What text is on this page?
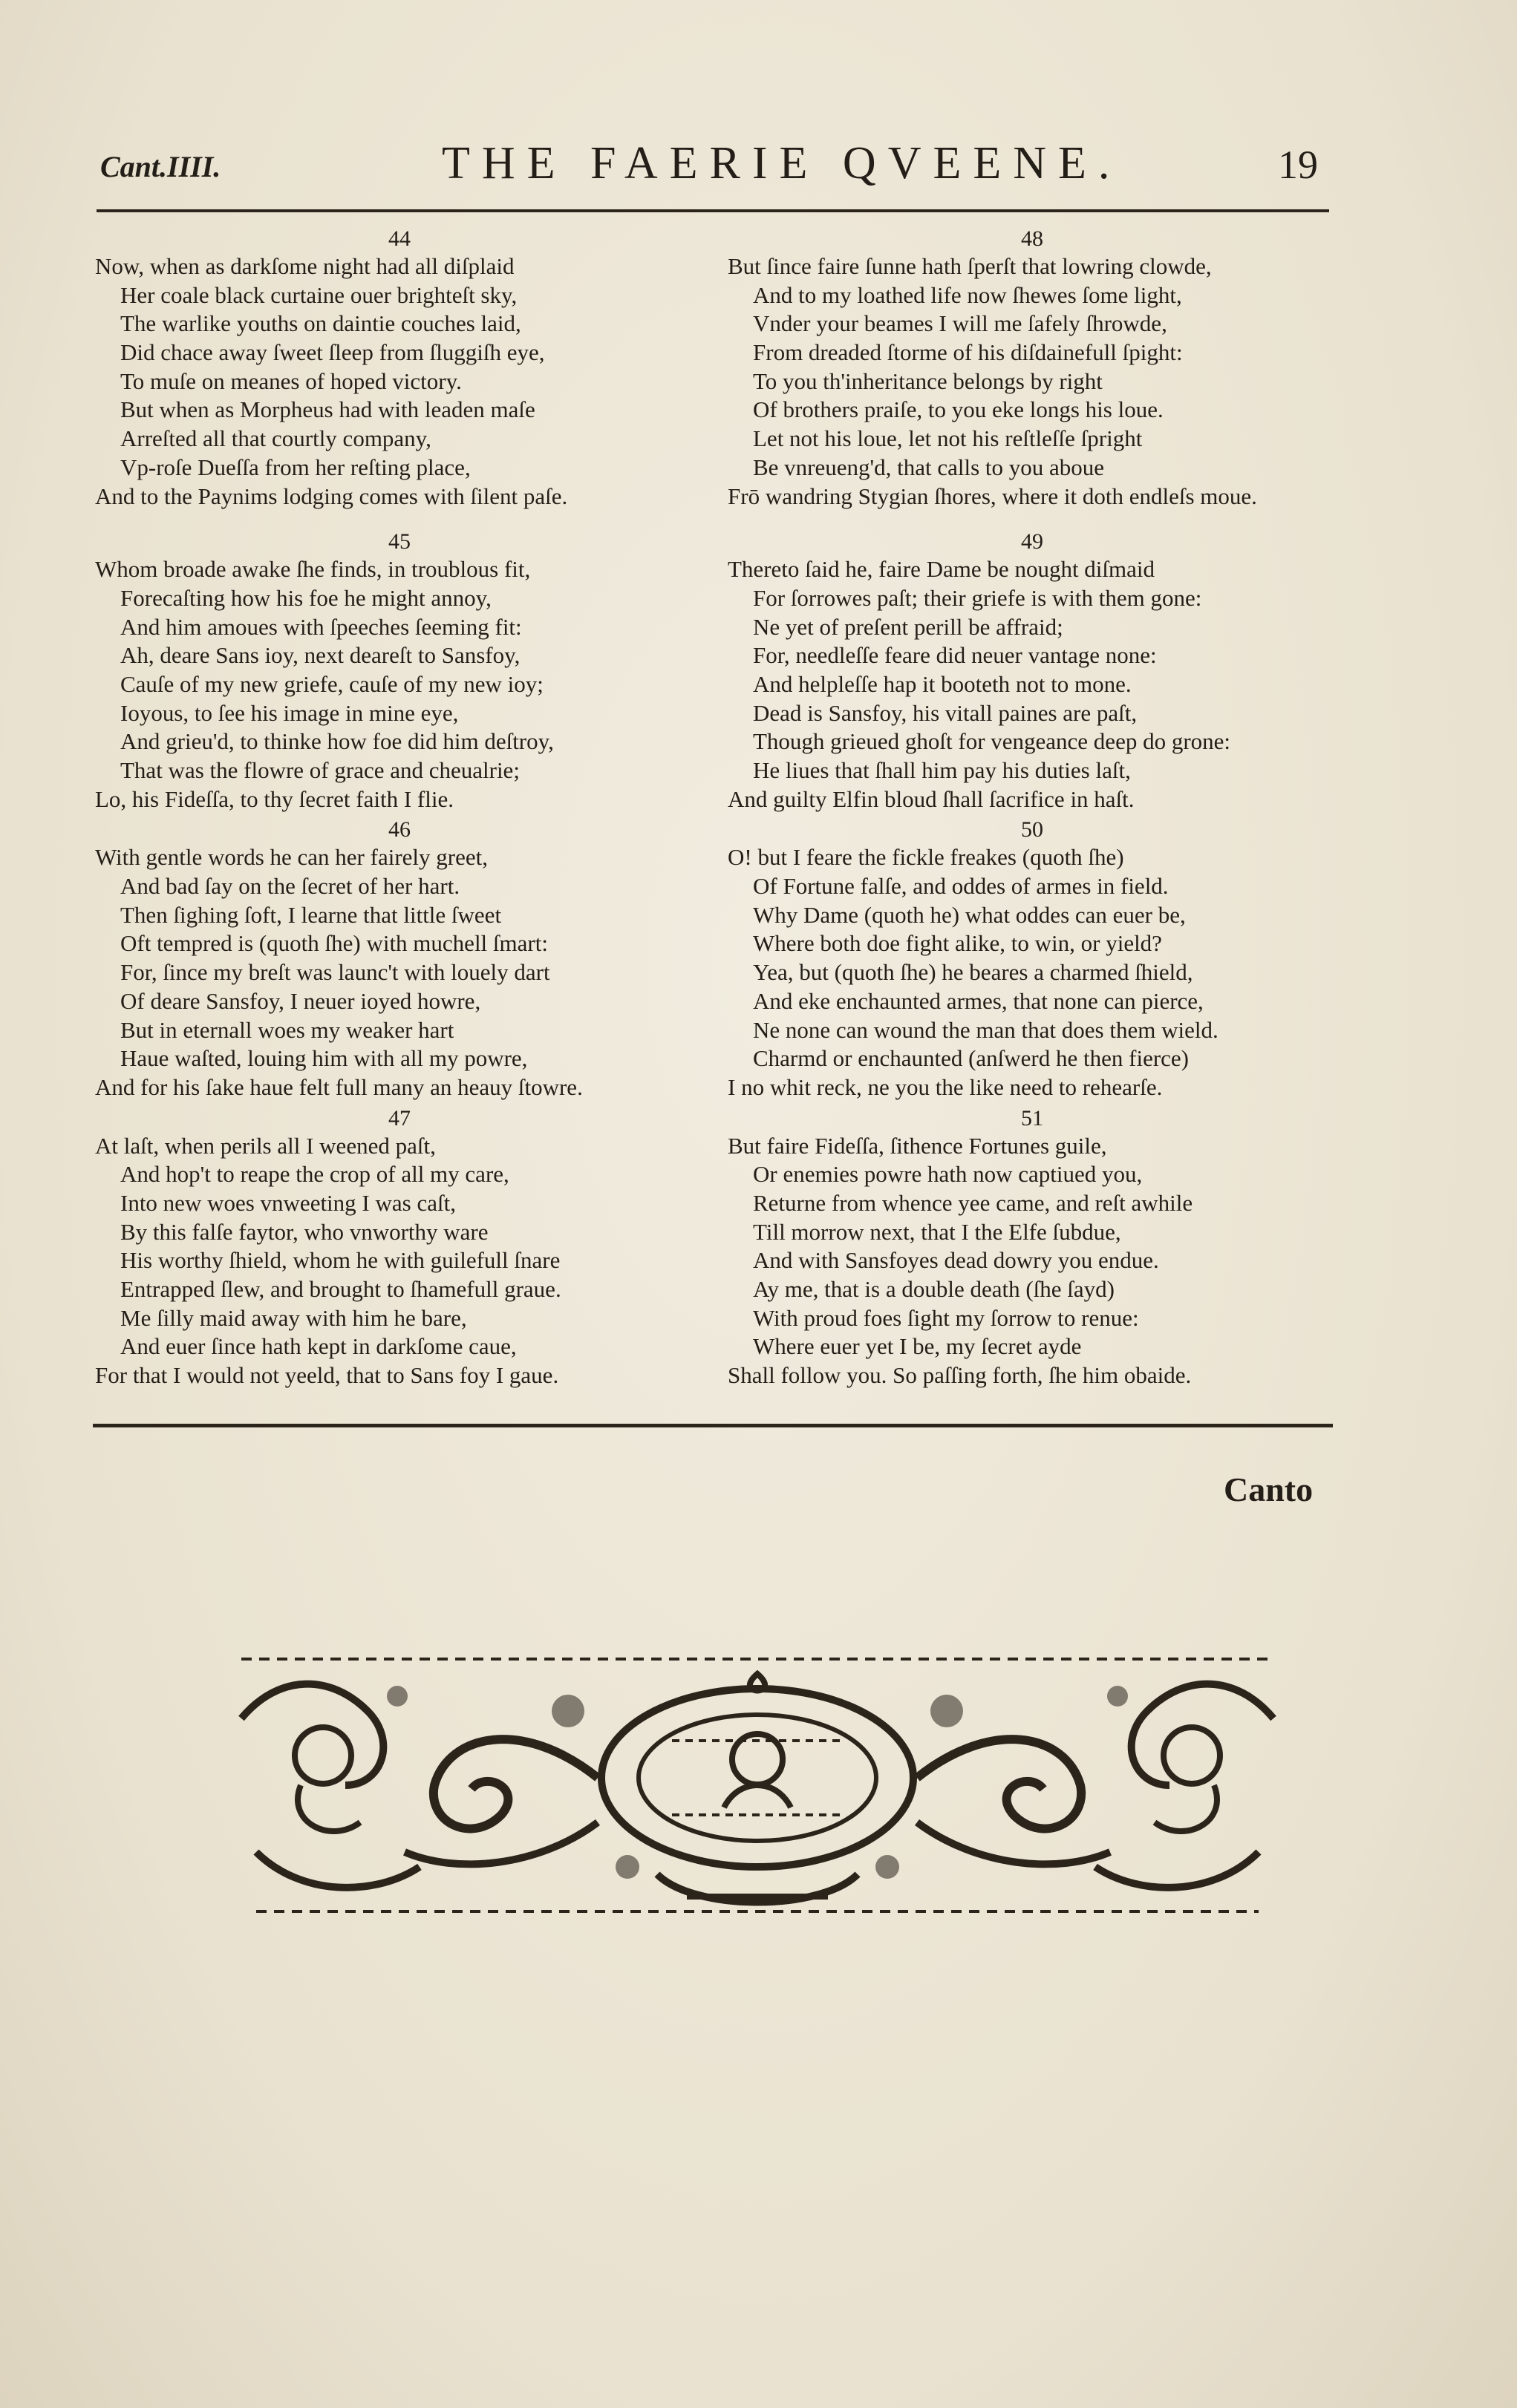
Cant.IIII.	THE FAERIE QVEENE.	19
44
Now, when as darkſome night had all diſplaid
Her coale black curtaine ouer brighteſt sky,
The warlike youths on daintie couches laid,
Did chace away ſweet ſleep from ſluggiſh eye,
To muſe on meanes of hoped victory.
But when as Morpheus had with leaden maſe
Arreſted all that courtly company,
Vp-roſe Dueſſa from her reſting place,
And to the Paynims lodging comes with ſilent paſe.
45
Whom broade awake ſhe finds, in troublous fit,
Forecaſting how his foe he might annoy,
And him amoues with ſpeeches ſeeming fit:
Ah, deare Sans ioy, next deareſt to Sansfoy,
Cauſe of my new griefe, cauſe of my new ioy;
Ioyous, to ſee his image in mine eye,
And grieu'd, to thinke how foe did him deſtroy,
That was the flowre of grace and cheualrie;
Lo, his Fideſſa, to thy ſecret faith I flie.
46
With gentle words he can her fairely greet,
And bad ſay on the ſecret of her hart.
Then ſighing ſoft, I learne that little ſweet
Oft tempred is (quoth ſhe) with muchell ſmart:
For, ſince my breſt was launc't with louely dart
Of deare Sansfoy, I neuer ioyed howre,
But in eternall woes my weaker hart
Haue waſted, louing him with all my powre,
And for his ſake haue felt full many an heauy ſtowre.
47
At laſt, when perils all I weened paſt,
And hop't to reape the crop of all my care,
Into new woes vnweeting I was caſt,
By this falſe faytor, who vnworthy ware
His worthy ſhield, whom he with guilefull ſnare
Entrapped ſlew, and brought to ſhamefull graue.
Me ſilly maid away with him he bare,
And euer ſince hath kept in darkſome caue,
For that I would not yeeld, that to Sans foy I gaue.
48
But ſince faire ſunne hath ſperſt that lowring clowde,
And to my loathed life now ſhewes ſome light,
Vnder your beames I will me ſafely ſhrowde,
From dreaded ſtorme of his diſdainefull ſpight:
To you th'inheritance belongs by right
Of brothers praiſe, to you eke longs his loue.
Let not his loue, let not his reſtleſſe ſpright
Be vnreueng'd, that calls to you aboue
Frō wandring Stygian ſhores, where it doth endleſs moue.
49
Thereto ſaid he, faire Dame be nought diſmaid
For ſorrowes paſt; their griefe is with them gone:
Ne yet of preſent perill be affraid;
For, needleſſe feare did neuer vantage none:
And helpleſſe hap it booteth not to mone.
Dead is Sansfoy, his vitall paines are paſt,
Though grieued ghoſt for vengeance deep do grone:
He liues that ſhall him pay his duties laſt,
And guilty Elfin bloud ſhall ſacrifice in haſt.
50
O! but I feare the fickle freakes (quoth ſhe)
Of Fortune falſe, and oddes of armes in field.
Why Dame (quoth he) what oddes can euer be,
Where both doe fight alike, to win, or yield?
Yea, but (quoth ſhe) he beares a charmed ſhield,
And eke enchaunted armes, that none can pierce,
Ne none can wound the man that does them wield.
Charmd or enchaunted (anſwerd he then fierce)
I no whit reck, ne you the like need to rehearſe.
51
But faire Fideſſa, ſithence Fortunes guile,
Or enemies powre hath now captiued you,
Returne from whence yee came, and reſt awhile
Till morrow next, that I the Elfe ſubdue,
And with Sansfoyes dead dowry you endue.
Ay me, that is a double death (ſhe ſayd)
With proud foes ſight my ſorrow to renue:
Where euer yet I be, my ſecret ayde
Shall follow you. So paſſing forth, ſhe him obaide.
Canto
